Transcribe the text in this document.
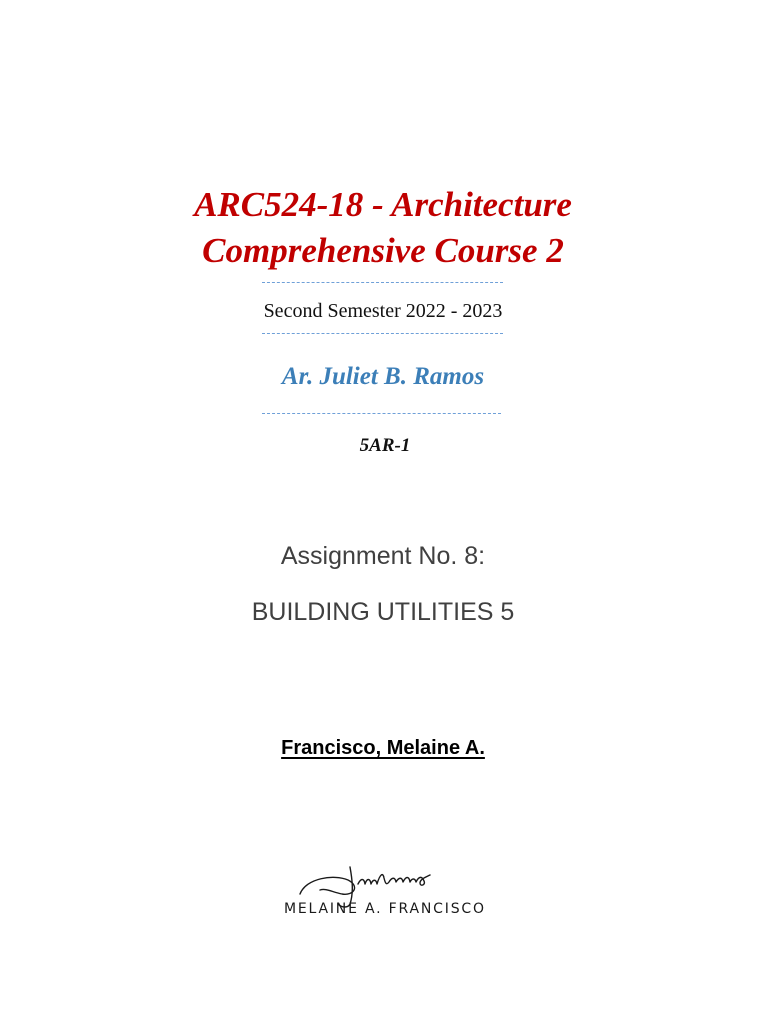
ARC524-18 - Architecture
Comprehensive Course 2
Second Semester 2022 - 2023
Ar. Juliet B. Ramos
5AR-1
Assignment No. 8:
BUILDING UTILITIES 5
Francisco, Melaine A.
MELAINE A. FRANCISCO
